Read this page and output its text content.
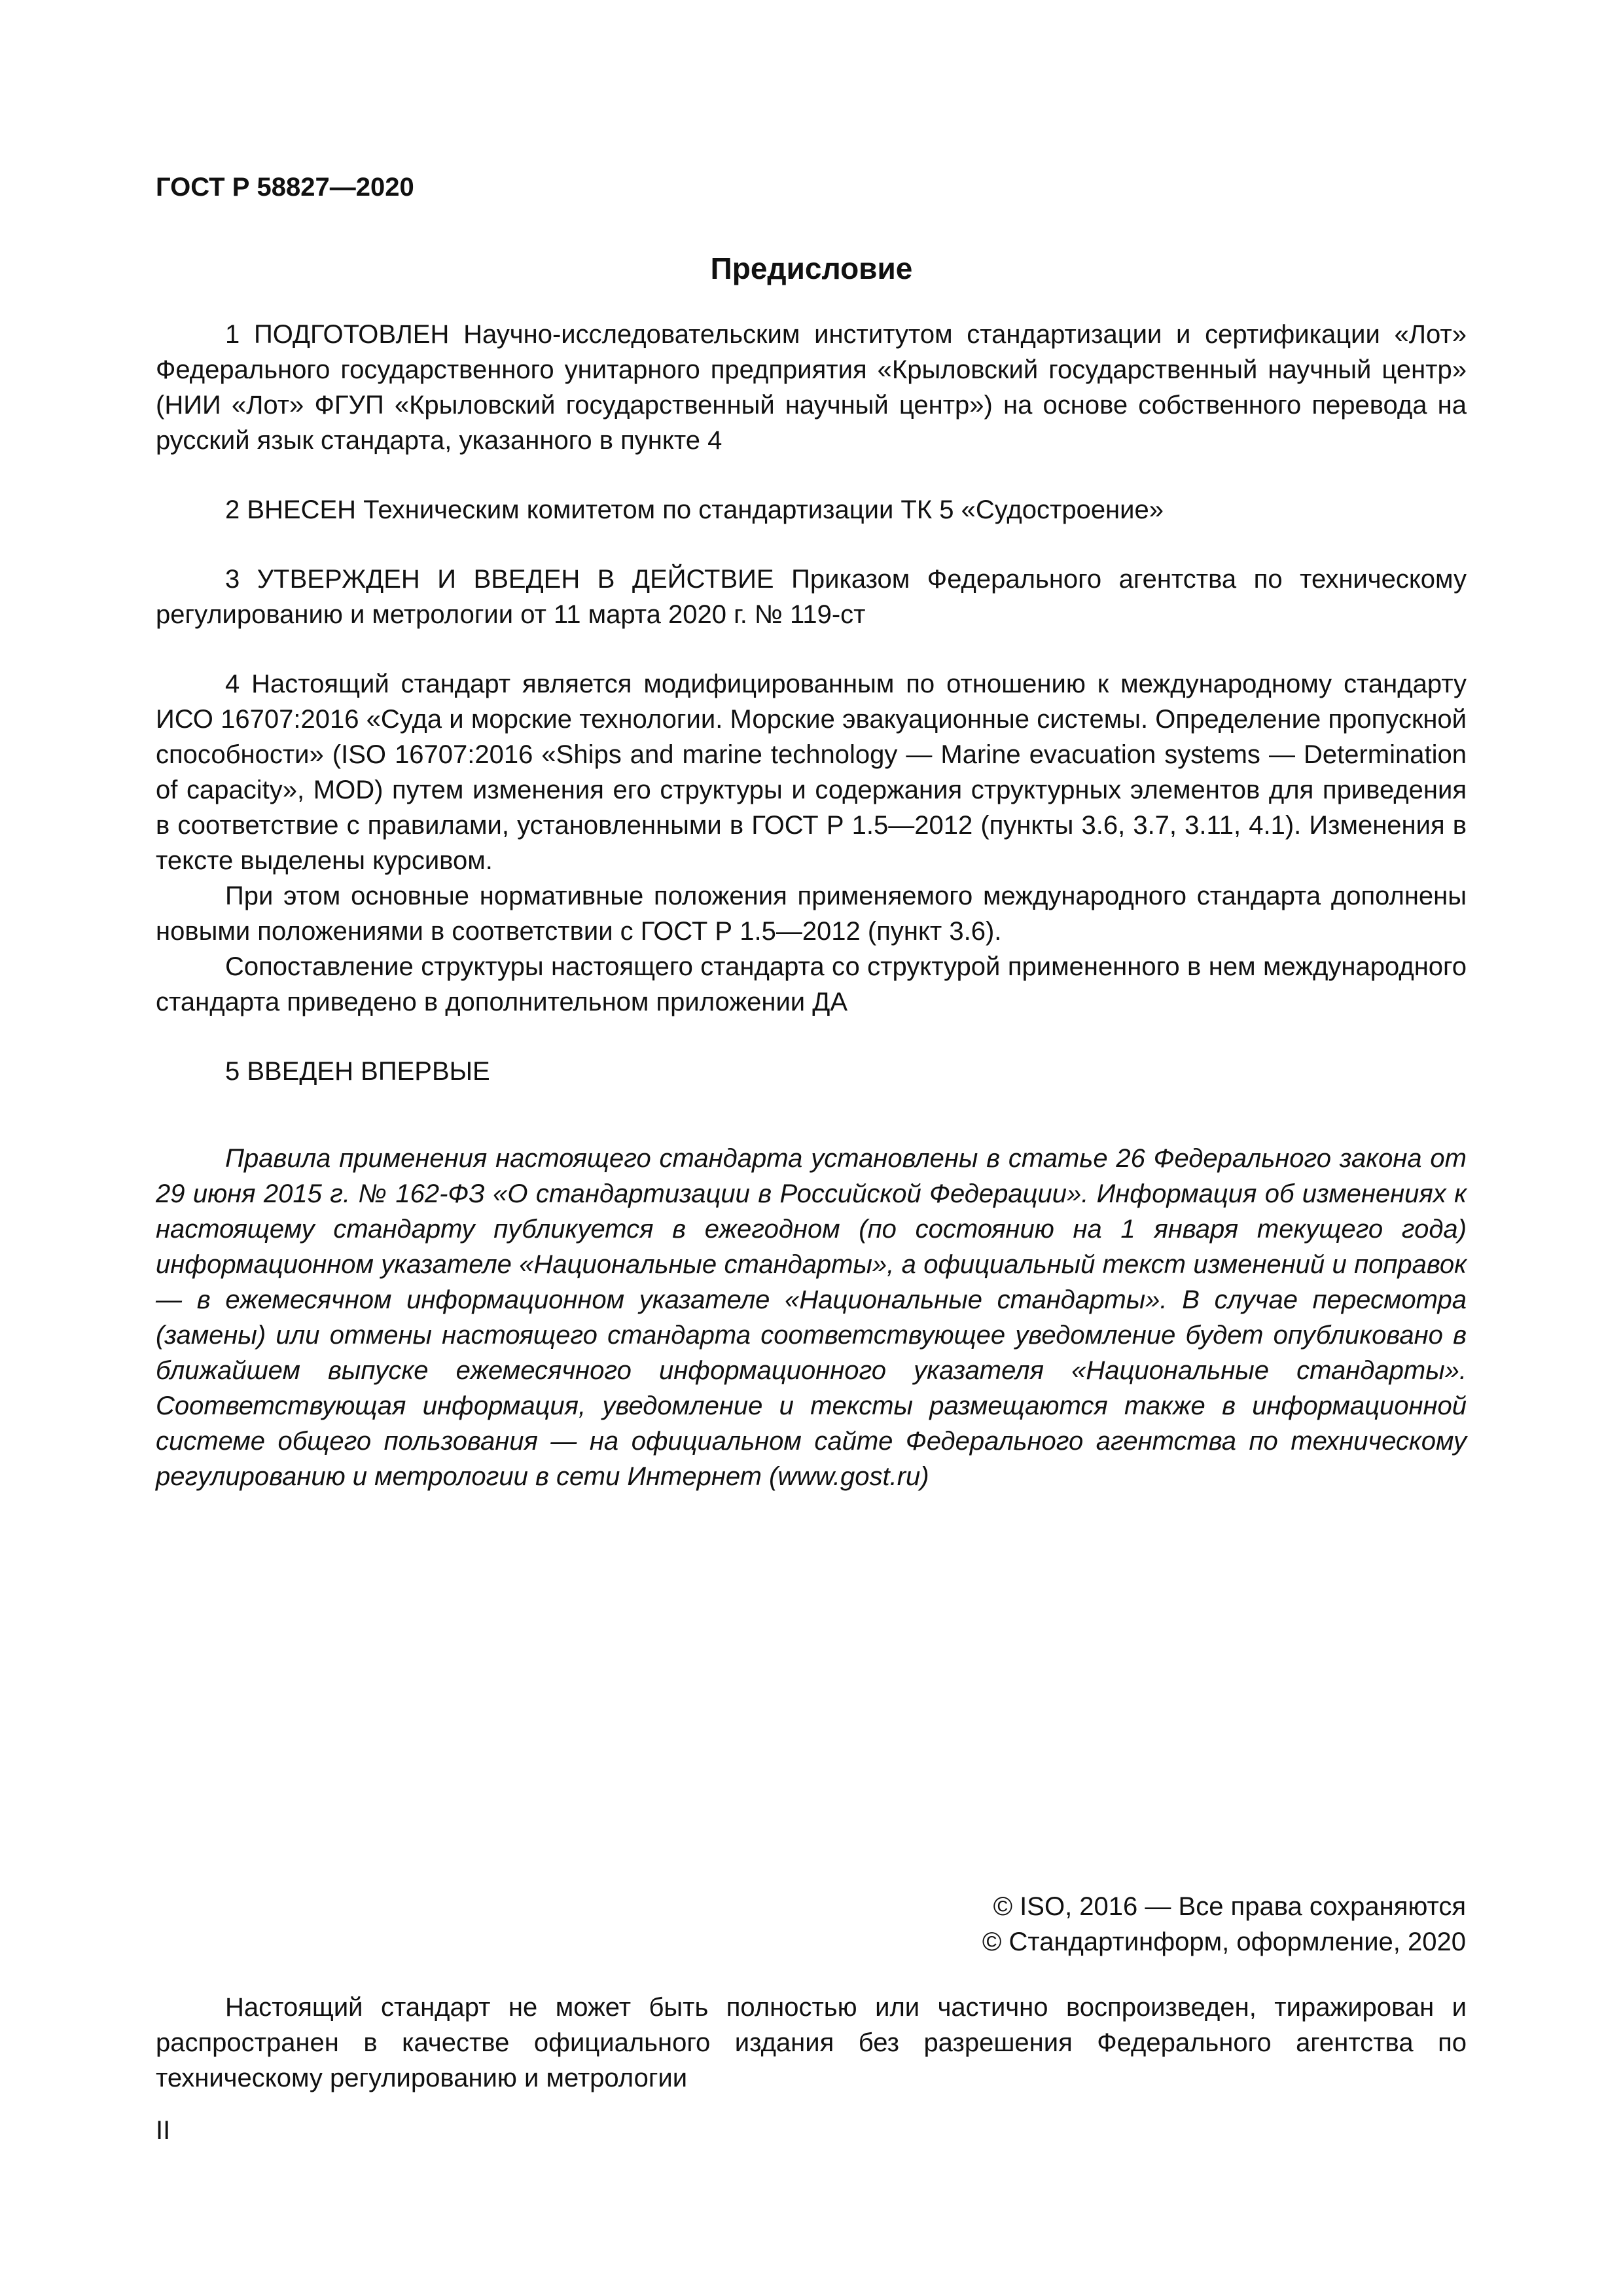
ГОСТ Р 58827—2020
Предисловие

1 ПОДГОТОВЛЕН Научно-исследовательским институтом стандартизации и сертификации «Лот» Федерального государственного унитарного предприятия «Крыловский государственный научный центр» (НИИ «Лот» ФГУП «Крыловский государственный научный центр») на основе собственного перевода на русский язык стандарта, указанного в пункте 4

2 ВНЕСЕН Техническим комитетом по стандартизации ТК 5 «Судостроение»

3 УТВЕРЖДЕН И ВВЕДЕН В ДЕЙСТВИЕ Приказом Федерального агентства по техническому регулированию и метрологии от 11 марта 2020 г. № 119-ст

4 Настоящий стандарт является модифицированным по отношению к международному стандарту ИСО 16707:2016 «Суда и морские технологии. Морские эвакуационные системы. Определение пропускной способности» (ISO 16707:2016 «Ships and marine technology — Marine evacuation systems — Determination of capacity», MOD) путем изменения его структуры и содержания структурных элементов для приведения в соответствие с правилами, установленными в ГОСТ Р 1.5—2012 (пункты 3.6, 3.7, 3.11, 4.1). Изменения в тексте выделены курсивом.

При этом основные нормативные положения применяемого международного стандарта дополнены новыми положениями в соответствии с ГОСТ Р 1.5—2012 (пункт 3.6).

Сопоставление структуры настоящего стандарта со структурой примененного в нем международного стандарта приведено в дополнительном приложении ДА

5 ВВЕДЕН ВПЕРВЫЕ

Правила применения настоящего стандарта установлены в статье 26 Федерального закона от 29 июня 2015 г. № 162-ФЗ «О стандартизации в Российской Федерации». Информация об изменениях к настоящему стандарту публикуется в ежегодном (по состоянию на 1 января текущего года) информационном указателе «Национальные стандарты», а официальный текст изменений и поправок — в ежемесячном информационном указателе «Национальные стандарты». В случае пересмотра (замены) или отмены настоящего стандарта соответствующее уведомление будет опубликовано в ближайшем выпуске ежемесячного информационного указателя «Национальные стандарты». Соответствующая информация, уведомление и тексты размещаются также в информационной системе общего пользования — на официальном сайте Федерального агентства по техническому регулированию и метрологии в сети Интернет (www.gost.ru)

© ISO, 2016 — Все права сохраняются
© Стандартинформ, оформление, 2020

Настоящий стандарт не может быть полностью или частично воспроизведен, тиражирован и распространен в качестве официального издания без разрешения Федерального агентства по техническому регулированию и метрологии

II
